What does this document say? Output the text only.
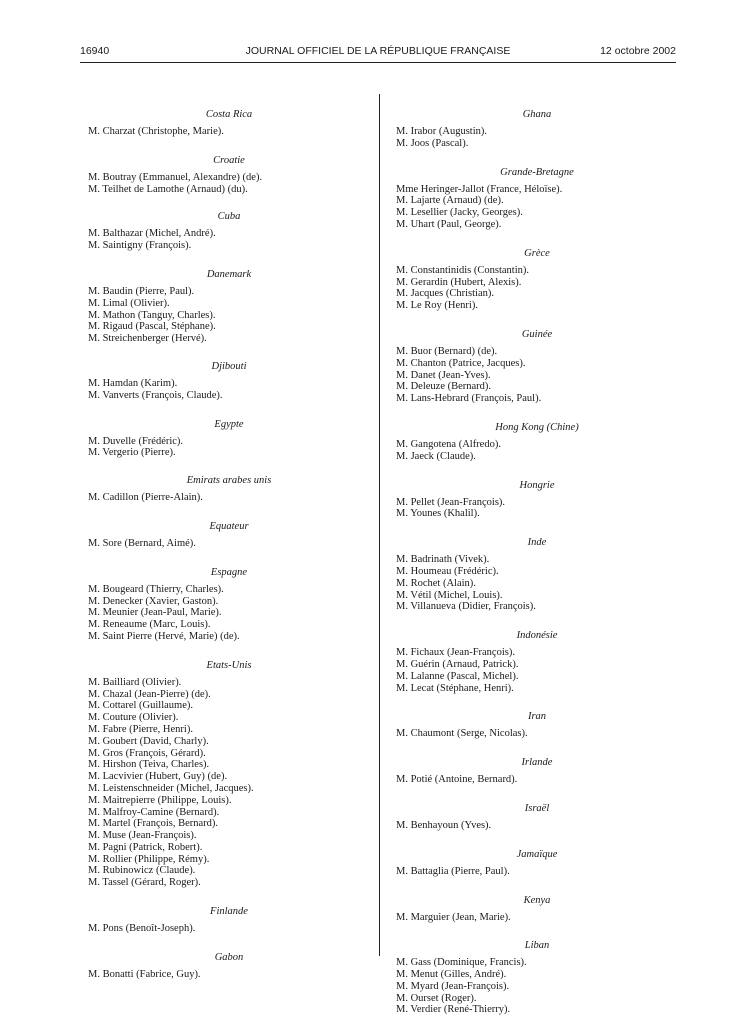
16940	JOURNAL OFFICIEL DE LA RÉPUBLIQUE FRANÇAISE	12 octobre 2002
Costa Rica
M. Charzat (Christophe, Marie).
Croatie
M. Boutray (Emmanuel, Alexandre) (de).
M. Teilhet de Lamothe (Arnaud) (du).
Cuba
M. Balthazar (Michel, André).
M. Saintigny (François).
Danemark
M. Baudin (Pierre, Paul).
M. Limal (Olivier).
M. Mathon (Tanguy, Charles).
M. Rigaud (Pascal, Stéphane).
M. Streichenberger (Hervé).
Djibouti
M. Hamdan (Karim).
M. Vanverts (François, Claude).
Egypte
M. Duvelle (Frédéric).
M. Vergerio (Pierre).
Emirats arabes unis
M. Cadillon (Pierre-Alain).
Equateur
M. Sore (Bernard, Aimé).
Espagne
M. Bougeard (Thierry, Charles).
M. Denecker (Xavier, Gaston).
M. Meunier (Jean-Paul, Marie).
M. Reneaume (Marc, Louis).
M. Saint Pierre (Hervé, Marie) (de).
Etats-Unis
M. Bailliard (Olivier).
M. Chazal (Jean-Pierre) (de).
M. Cottarel (Guillaume).
M. Couture (Olivier).
M. Fabre (Pierre, Henri).
M. Goubert (David, Charly).
M. Gros (François, Gérard).
M. Hirshon (Teiva, Charles).
M. Lacvivier (Hubert, Guy) (de).
M. Leistenschneider (Michel, Jacques).
M. Maitrepierre (Philippe, Louis).
M. Malfroy-Camine (Bernard).
M. Martel (François, Bernard).
M. Muse (Jean-François).
M. Pagni (Patrick, Robert).
M. Rollier (Philippe, Rémy).
M. Rubinowicz (Claude).
M. Tassel (Gérard, Roger).
Finlande
M. Pons (Benoît-Joseph).
Gabon
M. Bonatti (Fabrice, Guy).
Ghana
M. Irabor (Augustin).
M. Joos (Pascal).
Grande-Bretagne
Mme Heringer-Jallot (France, Héloïse).
M. Lajarte (Arnaud) (de).
M. Lesellier (Jacky, Georges).
M. Uhart (Paul, George).
Grèce
M. Constantinidis (Constantin).
M. Gerardin (Hubert, Alexis).
M. Jacques (Christian).
M. Le Roy (Henri).
Guinée
M. Buor (Bernard) (de).
M. Chanton (Patrice, Jacques).
M. Danet (Jean-Yves).
M. Deleuze (Bernard).
M. Lans-Hebrard (François, Paul).
Hong Kong (Chine)
M. Gangotena (Alfredo).
M. Jaeck (Claude).
Hongrie
M. Pellet (Jean-François).
M. Younes (Khalil).
Inde
M. Badrinath (Vivek).
M. Houmeau (Frédéric).
M. Rochet (Alain).
M. Vétil (Michel, Louis).
M. Villanueva (Didier, François).
Indonésie
M. Fichaux (Jean-François).
M. Guérin (Arnaud, Patrick).
M. Lalanne (Pascal, Michel).
M. Lecat (Stéphane, Henri).
Iran
M. Chaumont (Serge, Nicolas).
Irlande
M. Potié (Antoine, Bernard).
Israël
M. Benhayoun (Yves).
Jamaïque
M. Battaglia (Pierre, Paul).
Kenya
M. Marguier (Jean, Marie).
Liban
M. Gass (Dominique, Francis).
M. Menut (Gilles, André).
M. Myard (Jean-François).
M. Ourset (Roger).
M. Verdier (René-Thierry).
